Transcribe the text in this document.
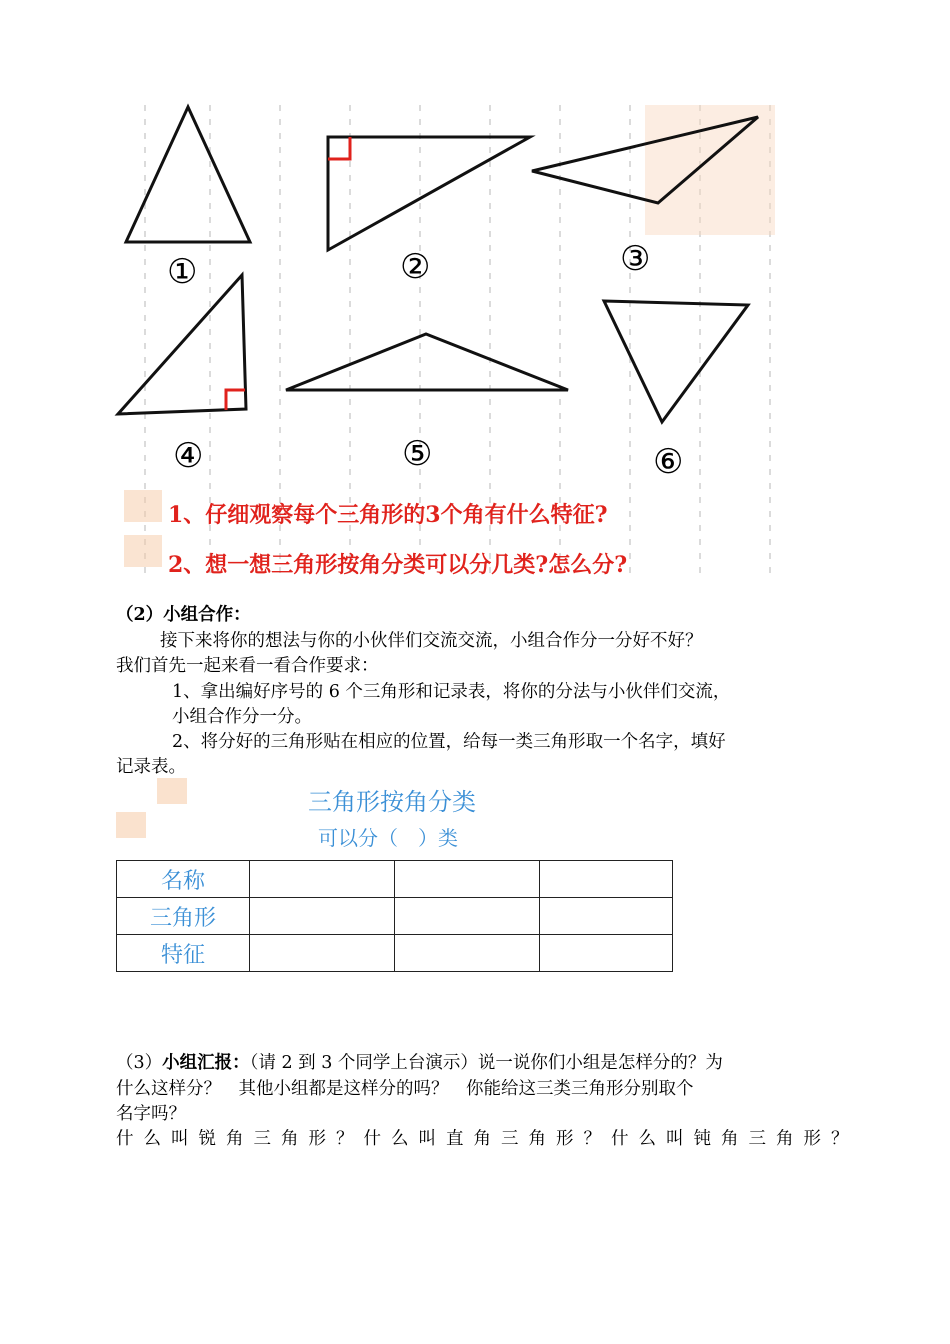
①	②	③
④	⑤	⑥
1、仔细观察每个三角形的3个角有什么特征?
2、想一想三角形按角分类可以分几类?怎么分?
（2）小组合作：
接下来将你的想法与你的小伙伴们交流交流，小组合作分一分好不好？
我们首先一起来看一看合作要求：
1、拿出编好序号的 6 个三角形和记录表，将你的分法与小伙伴们交流，
小组合作分一分。
2、将分好的三角形贴在相应的位置，给每一类三角形取一个名字，填好
记录表。
三角形按角分类
可以分（　）类
名称			
三角形			
特征			
（3）小组汇报：（请 2 到 3 个同学上台演示）说一说你们小组是怎样分的？为
什么这样分？　其他小组都是这样分的吗？　你能给这三类三角形分别取个
名字吗？
什么叫锐角三角形？什么叫直角三角形？什么叫钝角三角形？
